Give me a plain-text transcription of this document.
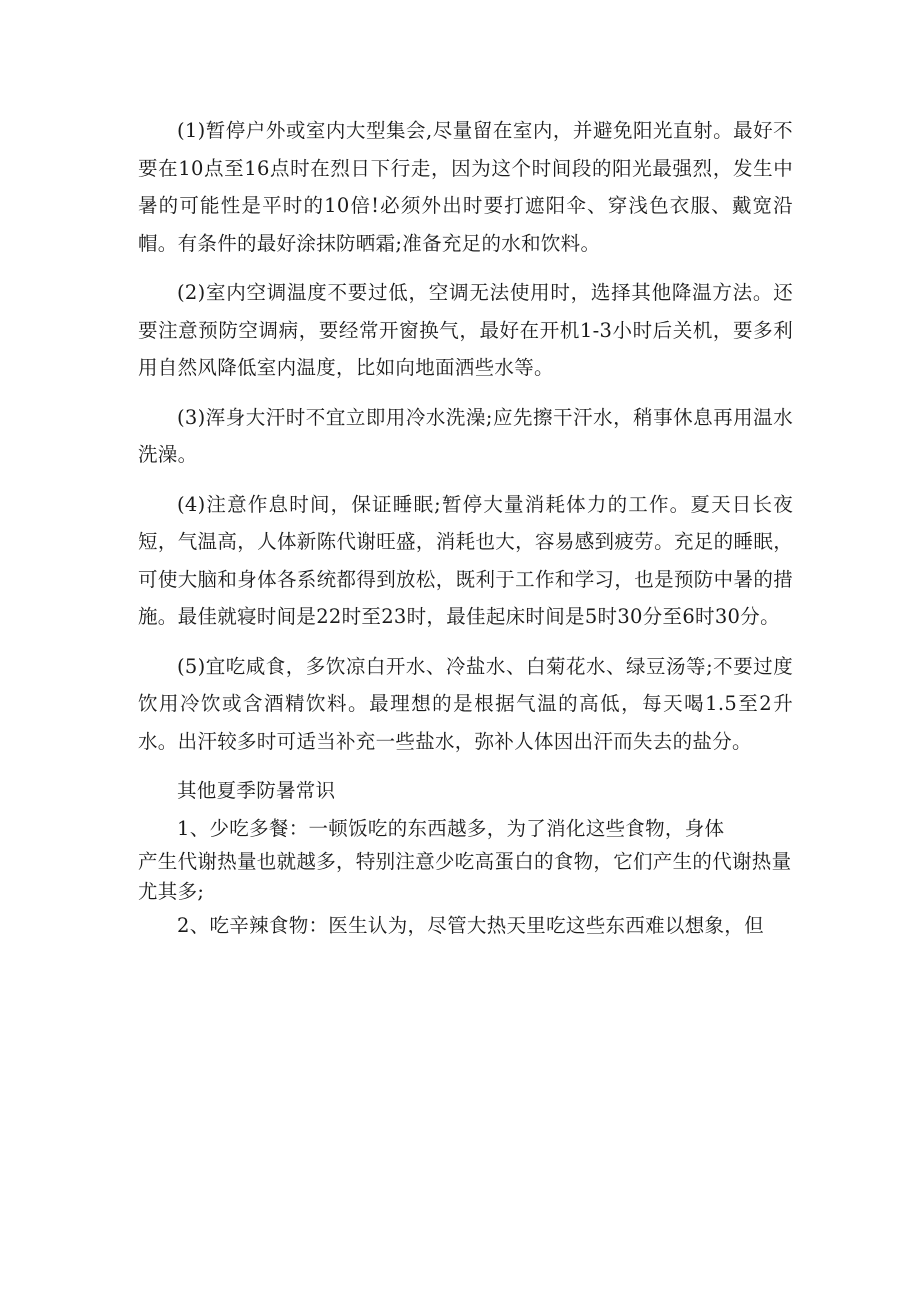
(1)暂停户外或室内大型集会,尽量留在室内，并避免阳光直射。最好不要在10点至16点时在烈日下行走，因为这个时间段的阳光最强烈，发生中暑的可能性是平时的10倍!必须外出时要打遮阳伞、穿浅色衣服、戴宽沿帽。有条件的最好涂抹防晒霜;准备充足的水和饮料。

(2)室内空调温度不要过低，空调无法使用时，选择其他降温方法。还要注意预防空调病，要经常开窗换气，最好在开机1-3小时后关机，要多利用自然风降低室内温度，比如向地面洒些水等。

(3)浑身大汗时不宜立即用冷水洗澡;应先擦干汗水，稍事休息再用温水洗澡。

(4)注意作息时间，保证睡眠;暂停大量消耗体力的工作。夏天日长夜短，气温高，人体新陈代谢旺盛，消耗也大，容易感到疲劳。充足的睡眠，可使大脑和身体各系统都得到放松，既利于工作和学习，也是预防中暑的措施。最佳就寝时间是22时至23时，最佳起床时间是5时30分至6时30分。

(5)宜吃咸食，多饮凉白开水、冷盐水、白菊花水、绿豆汤等;不要过度饮用冷饮或含酒精饮料。最理想的是根据气温的高低，每天喝1.5至2升水。出汗较多时可适当补充一些盐水，弥补人体因出汗而失去的盐分。

其他夏季防暑常识

1、少吃多餐：一顿饭吃的东西越多，为了消化这些食物，身体

产生代谢热量也就越多，特别注意少吃高蛋白的食物，它们产生的代谢热量尤其多;

2、吃辛辣食物：医生认为，尽管大热天里吃这些东西难以想象，但
